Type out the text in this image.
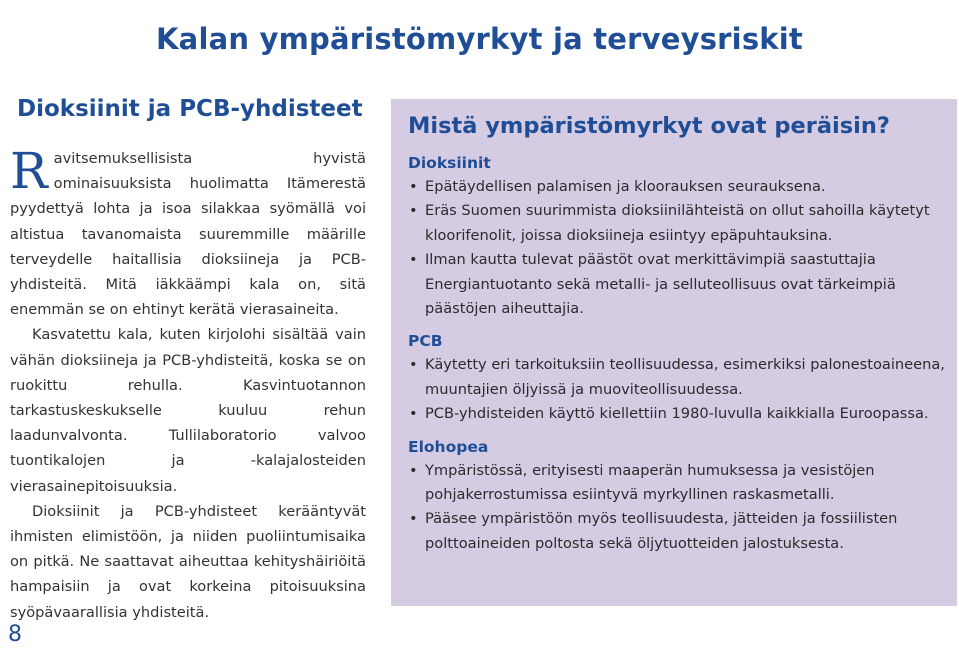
Kalan ympäristömyrkyt ja terveysriskit
Dioksiinit ja PCB-yhdisteet

Ravitsemuksellisista hyvistä ominaisuuksista huolimatta Itämerestä pyydettyä lohta ja isoa silakkaa syömällä voi altistua tavanomaista suuremmille määrille terveydelle haitallisia dioksiineja ja PCB-yhdisteitä. Mitä iäkkäämpi kala on, sitä enemmän se on ehtinyt kerätä vierasaineita.

Kasvatettu kala, kuten kirjolohi sisältää vain vähän dioksiineja ja PCB-yhdisteitä, koska se on ruokittu rehulla. Kasvintuotannon tarkastuskeskukselle kuuluu rehun laadunvalvonta. Tullilaboratorio valvoo tuontikalojen ja -kalajalosteiden vierasainepitoisuuksia.

Dioksiinit ja PCB-yhdisteet kerääntyvät ihmisten elimistöön, ja niiden puoliintumisaika on pitkä. Ne saattavat aiheuttaa kehityshäiriöitä hampaisiin ja ovat korkeina pitoisuuksina syöpävaarallisia yhdisteitä.

8
Mistä ympäristömyrkyt ovat peräisin?
Dioksiinit
• Epätäydellisen palamisen ja kloorauksen seurauksena.
• Eräs Suomen suurimmista dioksiinilähteistä on ollut sahoilla käytetyt kloorifenolit, joissa dioksiineja esiintyy epäpuhtauksina.
• Ilman kautta tulevat päästöt ovat merkittävimpiä saastuttajia Energiantuotanto sekä metalli- ja selluteollisuus ovat tärkeimpiä päästöjen aiheuttajia.
PCB
• Käytetty eri tarkoituksiin teollisuudessa, esimerkiksi palonestoaineena, muuntajien öljyissä ja muoviteollisuudessa.
• PCB-yhdisteiden käyttö kiellettiin 1980-luvulla kaikkialla Euroopassa.
Elohopea
• Ympäristössä, erityisesti maaperän humuksessa ja vesistöjen pohjakerrostumissa esiintyvä myrkyllinen raskasmetalli.
• Pääsee ympäristöön myös teollisuudesta, jätteiden ja fossiilisten polttoaineiden poltosta sekä öljytuotteiden jalostuksesta.
